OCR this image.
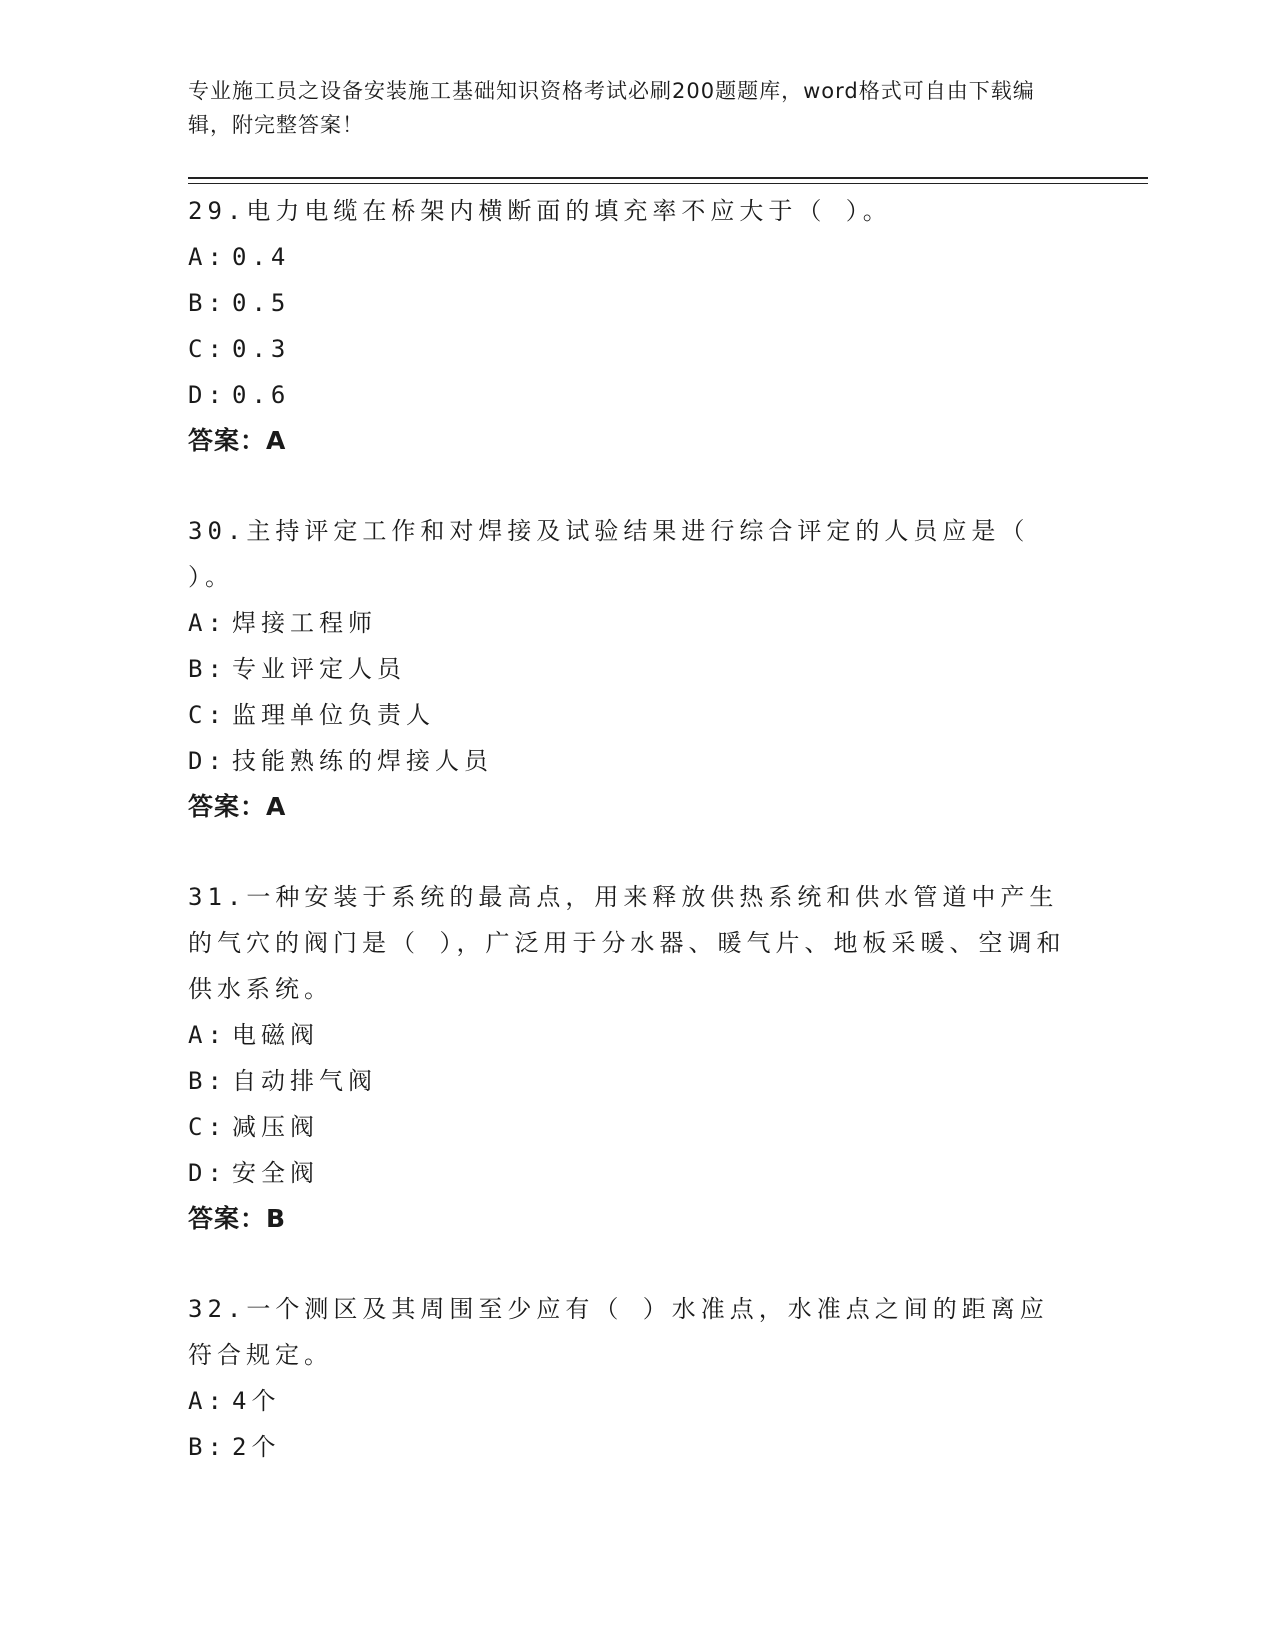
专业施工员之设备安装施工基础知识资格考试必刷200题题库，word格式可自由下载编辑，附完整答案！
29.电力电缆在桥架内横断面的填充率不应大于（ ）。
A: 0.4
B: 0.5
C: 0.3
D: 0.6
答案：A
30.主持评定工作和对焊接及试验结果进行综合评定的人员应是（ ）。
A: 焊接工程师
B: 专业评定人员
C: 监理单位负责人
D: 技能熟练的焊接人员
答案：A
31.一种安装于系统的最高点，用来释放供热系统和供水管道中产生的气穴的阀门是（ ），广泛用于分水器、暖气片、地板采暖、空调和供水系统。
A: 电磁阀
B: 自动排气阀
C: 减压阀
D: 安全阀
答案：B
32.一个测区及其周围至少应有（ ）水准点，水准点之间的距离应符合规定。
A: 4个
B: 2个
